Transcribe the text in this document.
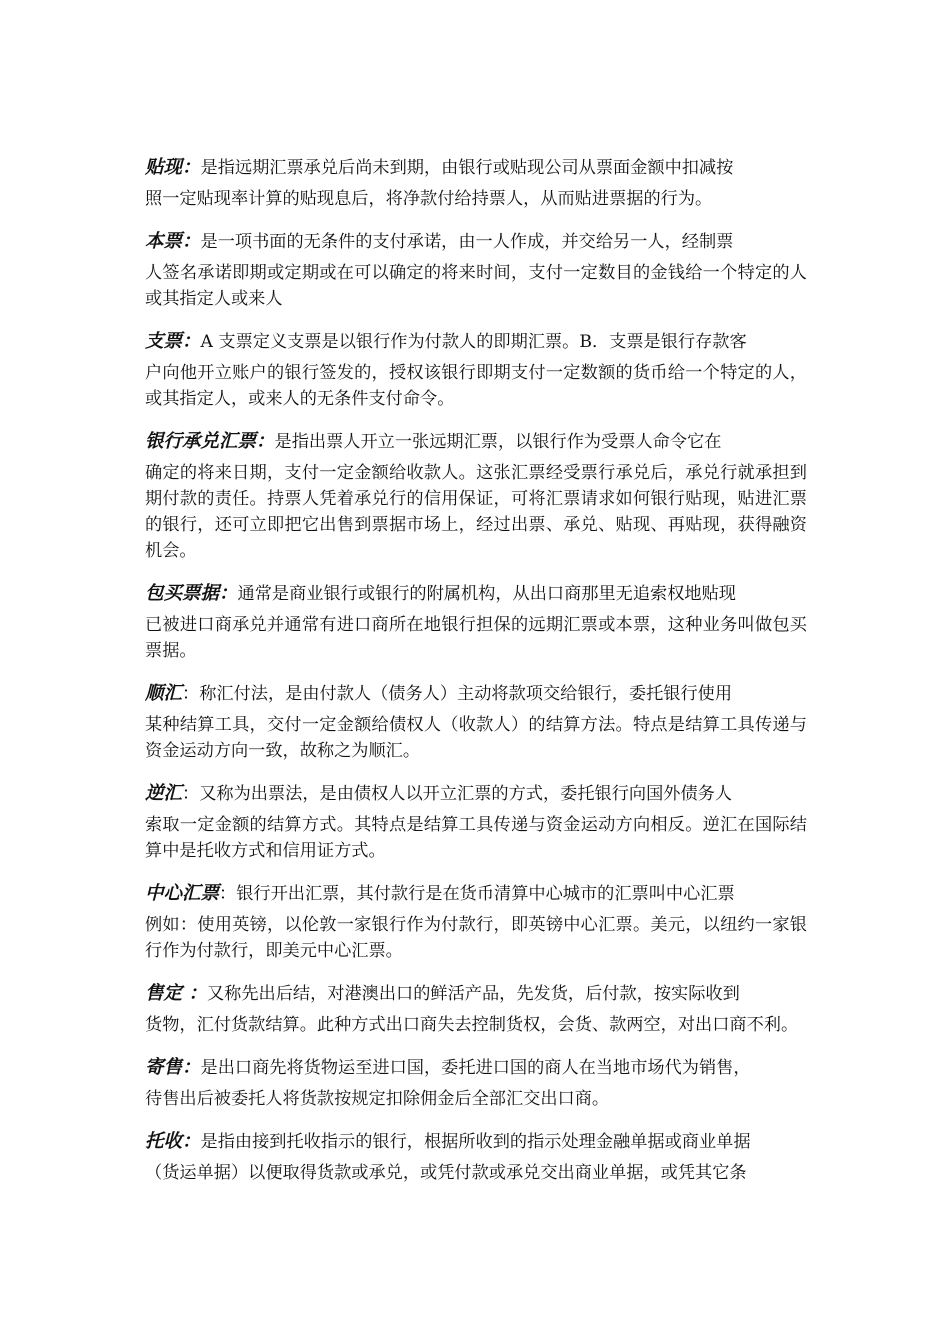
贴现：是指远期汇票承兑后尚未到期，由银行或贴现公司从票面金额中扣减按

照一定贴现率计算的贴现息后，将净款付给持票人，从而贴进票据的行为。

本票：是一项书面的无条件的支付承诺，由一人作成，并交给另一人，经制票

人签名承诺即期或定期或在可以确定的将来时间，支付一定数目的金钱给一个特定的人或其指定人或来人

支票：A 支票定义支票是以银行作为付款人的即期汇票。B．支票是银行存款客

户向他开立账户的银行签发的，授权该银行即期支付一定数额的货币给一个特定的人，或其指定人，或来人的无条件支付命令。

银行承兑汇票：是指出票人开立一张远期汇票，以银行作为受票人命令它在

确定的将来日期，支付一定金额给收款人。这张汇票经受票行承兑后，承兑行就承担到期付款的责任。持票人凭着承兑行的信用保证，可将汇票请求如何银行贴现，贴进汇票的银行，还可立即把它出售到票据市场上，经过出票、承兑、贴现、再贴现，获得融资机会。

包买票据：通常是商业银行或银行的附属机构，从出口商那里无追索权地贴现

已被进口商承兑并通常有进口商所在地银行担保的远期汇票或本票，这种业务叫做包买票据。

顺汇：称汇付法，是由付款人（债务人）主动将款项交给银行，委托银行使用

某种结算工具，交付一定金额给债权人（收款人）的结算方法。特点是结算工具传递与资金运动方向一致，故称之为顺汇。

逆汇：又称为出票法，是由债权人以开立汇票的方式，委托银行向国外债务人

索取一定金额的结算方式。其特点是结算工具传递与资金运动方向相反。逆汇在国际结算中是托收方式和信用证方式。

中心汇票：银行开出汇票，其付款行是在货币清算中心城市的汇票叫中心汇票

例如：使用英镑，以伦敦一家银行作为付款行，即英镑中心汇票。美元，以纽约一家银行作为付款行，即美元中心汇票。

售定 ：又称先出后结，对港澳出口的鲜活产品，先发货，后付款，按实际收到

货物，汇付货款结算。此种方式出口商失去控制货权，会货、款两空，对出口商不利。

寄售：是出口商先将货物运至进口国，委托进口国的商人在当地市场代为销售，

待售出后被委托人将货款按规定扣除佣金后全部汇交出口商。

托收：是指由接到托收指示的银行，根据所收到的指示处理金融单据或商业单据

（货运单据）以便取得货款或承兑，或凭付款或承兑交出商业单据，或凭其它条
